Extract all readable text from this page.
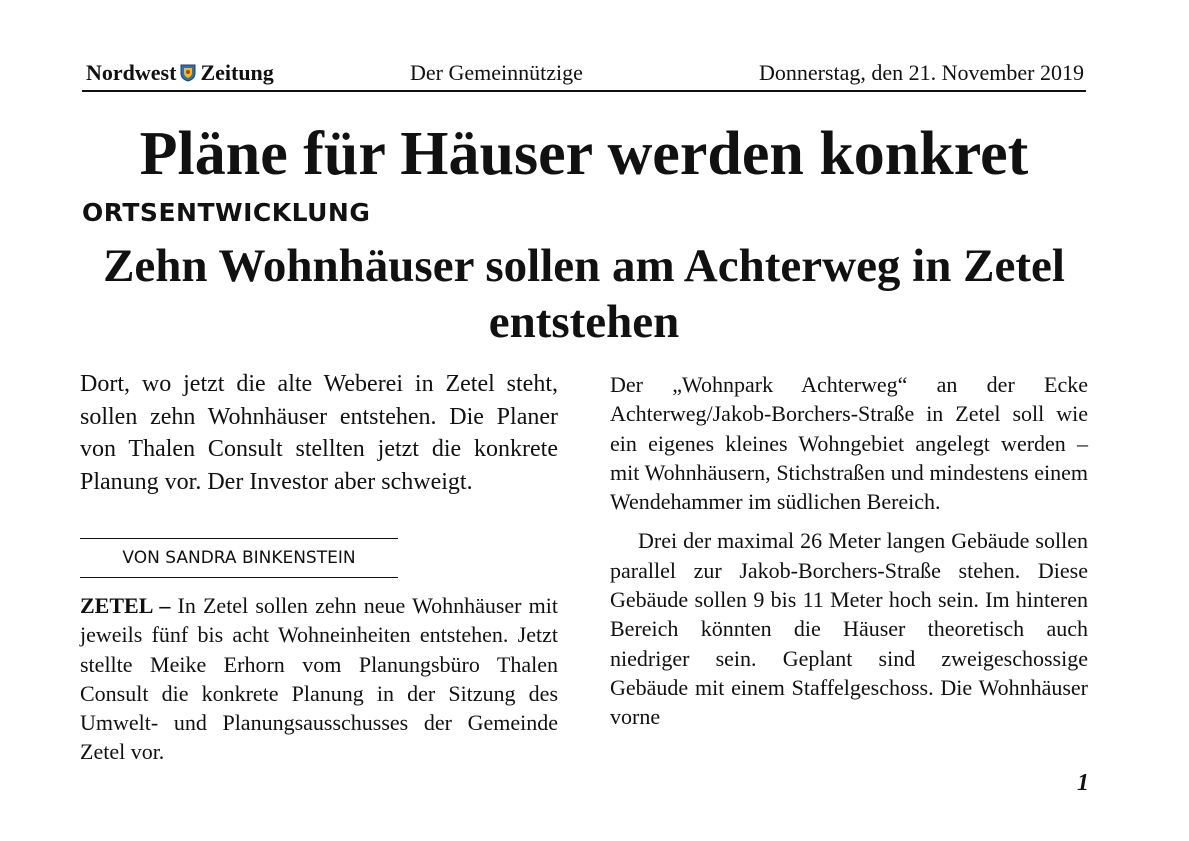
Nordwest Zeitung	Der Gemeinnützige	Donnerstag, den 21. November 2019
Pläne für Häuser werden konkret
ORTSENTWICKLUNG
Zehn Wohnhäuser sollen am Achterweg in Zetel entstehen
Dort, wo jetzt die alte Weberei in Zetel steht, sollen zehn Wohnhäuser entstehen. Die Planer von Thalen Consult stellten jetzt die konkrete Planung vor. Der Investor aber schweigt.
VON SANDRA BINKENSTEIN
ZETEL – In Zetel sollen zehn neue Wohnhäuser mit jeweils fünf bis acht Wohneinheiten entstehen. Jetzt stellte Meike Erhorn vom Planungsbüro Thalen Consult die konkrete Planung in der Sitzung des Umwelt- und Planungsausschusses der Gemeinde Zetel vor.

Der „Wohnpark Achterweg“ an der Ecke Achterweg/Jakob-Borchers-Straße in Zetel soll wie ein eigenes kleines Wohngebiet angelegt werden – mit Wohnhäusern, Stichstraßen und mindestens einem Wendehammer im südlichen Bereich.

Drei der maximal 26 Meter langen Gebäude sollen parallel zur Jakob-Borchers-Straße stehen. Diese Gebäude sollen 9 bis 11 Meter hoch sein. Im hinteren Bereich könnten die Häuser theoretisch auch niedriger sein. Geplant sind zweigeschossige Gebäude mit einem Staffelgeschoss. Die Wohnhäuser vorne

1
